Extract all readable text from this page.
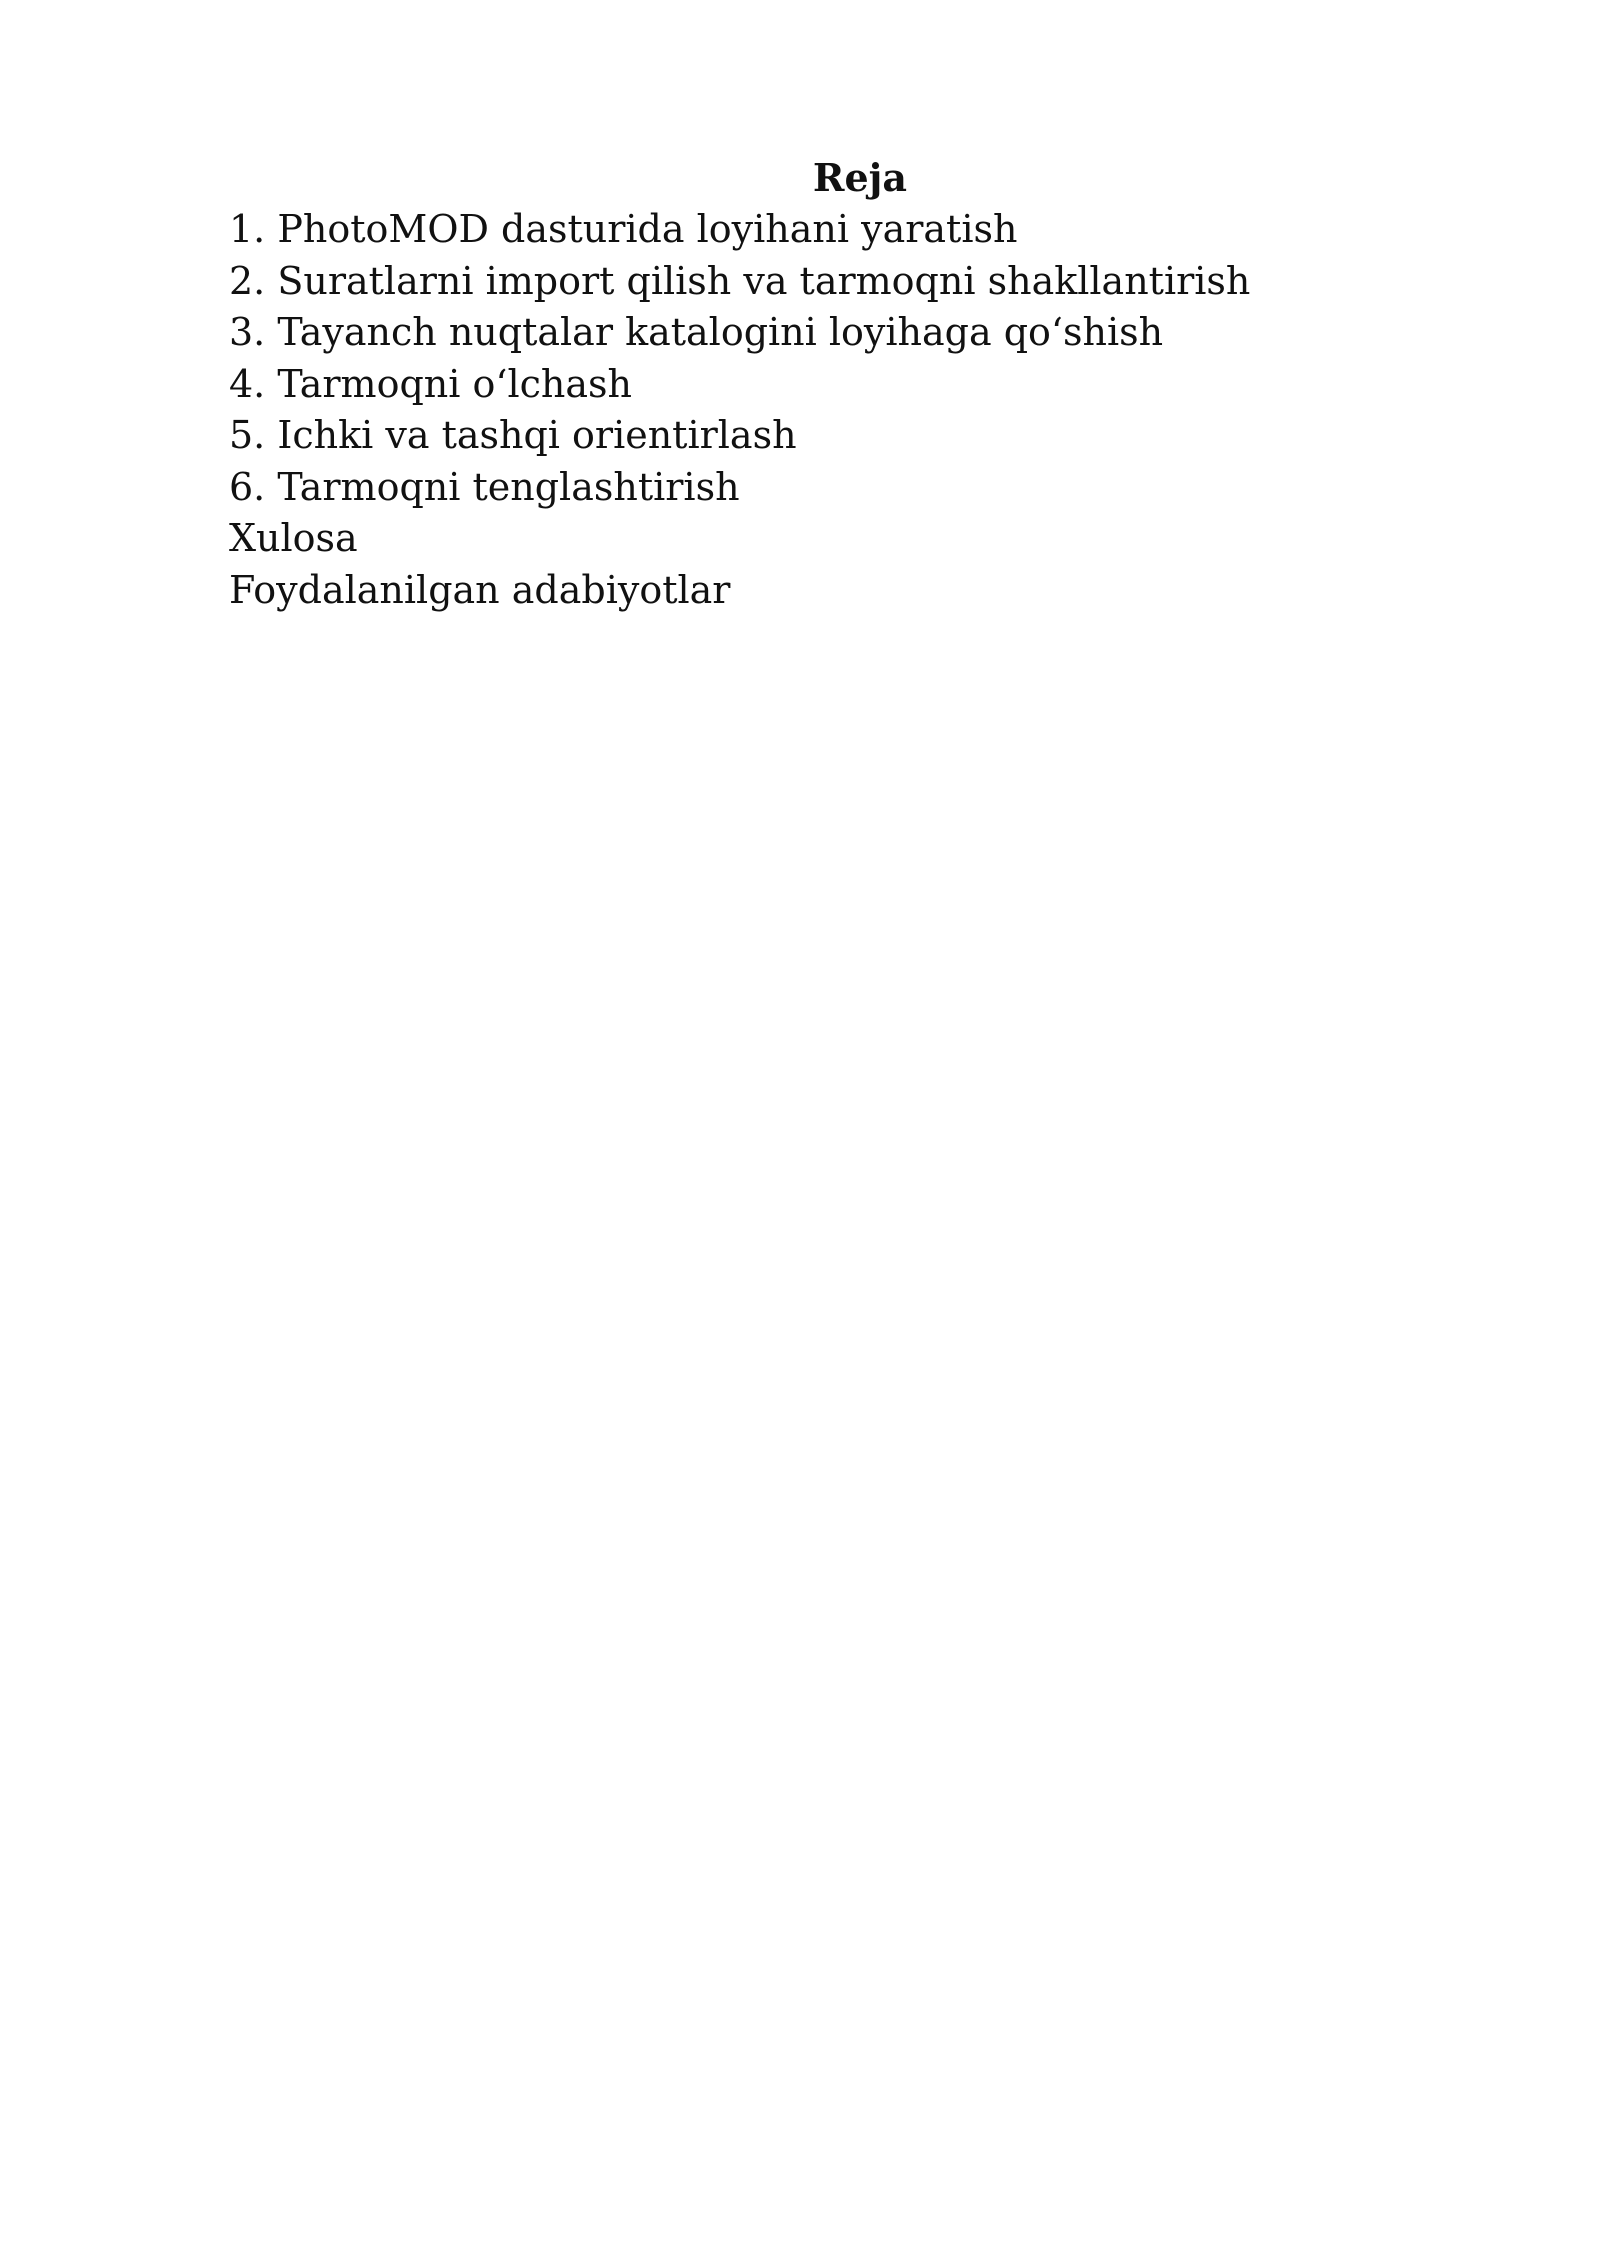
Reja
1. PhotoMOD dasturida loyihani yaratish
2. Suratlarni import qilish va tarmoqni shakllantirish
3. Tayanch nuqtalar katalogini loyihaga qo‘shish
4. Tarmoqni o‘lchash
5. Ichki va tashqi orientirlash
6. Tarmoqni tenglashtirish
Xulosa
Foydalanilgan adabiyotlar
